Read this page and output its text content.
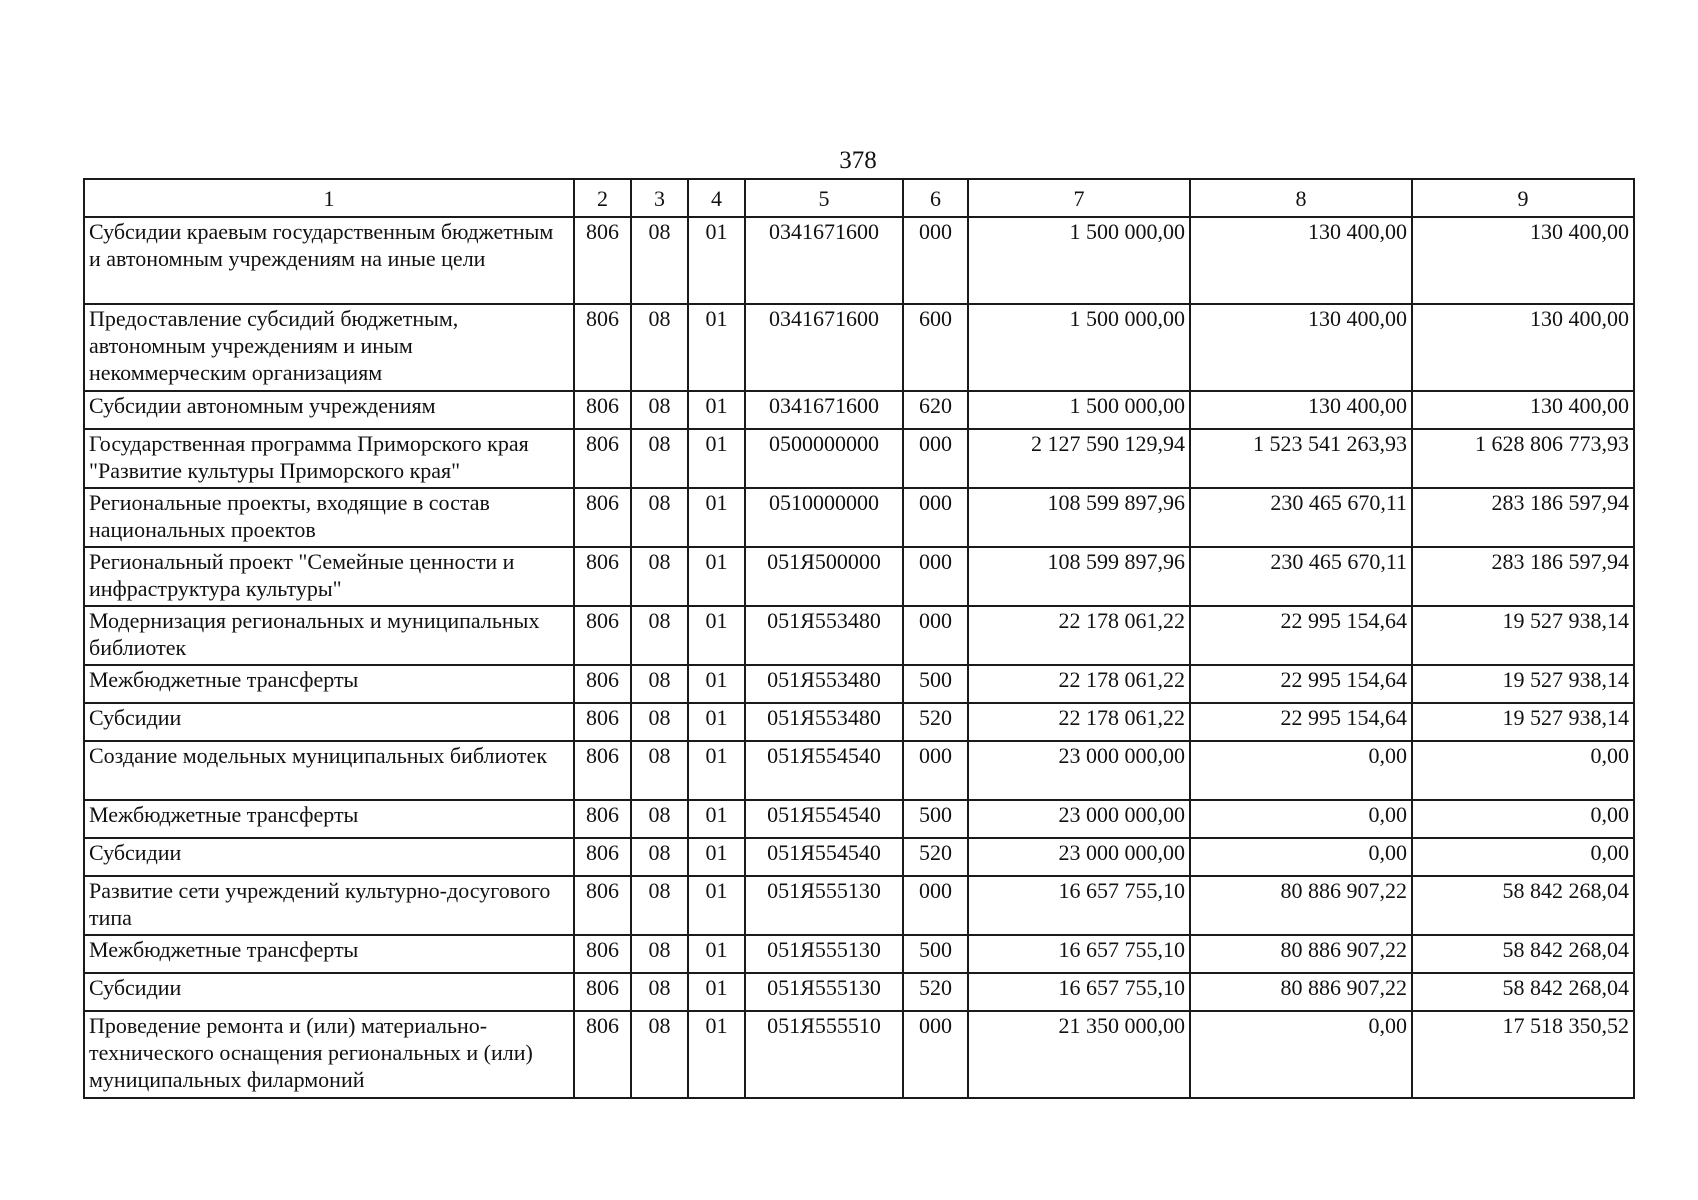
378
1	2	3	4	5	6	7	8	9
Субсидии краевым государственным бюджетным и автономным учреждениям на иные цели	806	08	01	0341671600	000	1 500 000,00	130 400,00	130 400,00
Предоставление субсидий бюджетным, автономным учреждениям и иным некоммерческим организациям	806	08	01	0341671600	600	1 500 000,00	130 400,00	130 400,00
Субсидии автономным учреждениям	806	08	01	0341671600	620	1 500 000,00	130 400,00	130 400,00
Государственная программа Приморского края "Развитие культуры Приморского края"	806	08	01	0500000000	000	2 127 590 129,94	1 523 541 263,93	1 628 806 773,93
Региональные проекты, входящие в состав национальных проектов	806	08	01	0510000000	000	108 599 897,96	230 465 670,11	283 186 597,94
Региональный проект "Семейные ценности и инфраструктура культуры"	806	08	01	051Я500000	000	108 599 897,96	230 465 670,11	283 186 597,94
Модернизация региональных и муниципальных библиотек	806	08	01	051Я553480	000	22 178 061,22	22 995 154,64	19 527 938,14
Межбюджетные трансферты	806	08	01	051Я553480	500	22 178 061,22	22 995 154,64	19 527 938,14
Субсидии	806	08	01	051Я553480	520	22 178 061,22	22 995 154,64	19 527 938,14
Создание модельных муниципальных библиотек	806	08	01	051Я554540	000	23 000 000,00	0,00	0,00
Межбюджетные трансферты	806	08	01	051Я554540	500	23 000 000,00	0,00	0,00
Субсидии	806	08	01	051Я554540	520	23 000 000,00	0,00	0,00
Развитие сети учреждений культурно-досугового типа	806	08	01	051Я555130	000	16 657 755,10	80 886 907,22	58 842 268,04
Межбюджетные трансферты	806	08	01	051Я555130	500	16 657 755,10	80 886 907,22	58 842 268,04
Субсидии	806	08	01	051Я555130	520	16 657 755,10	80 886 907,22	58 842 268,04
Проведение ремонта и (или) материально-технического оснащения региональных и (или) муниципальных филармоний	806	08	01	051Я555510	000	21 350 000,00	0,00	17 518 350,52
